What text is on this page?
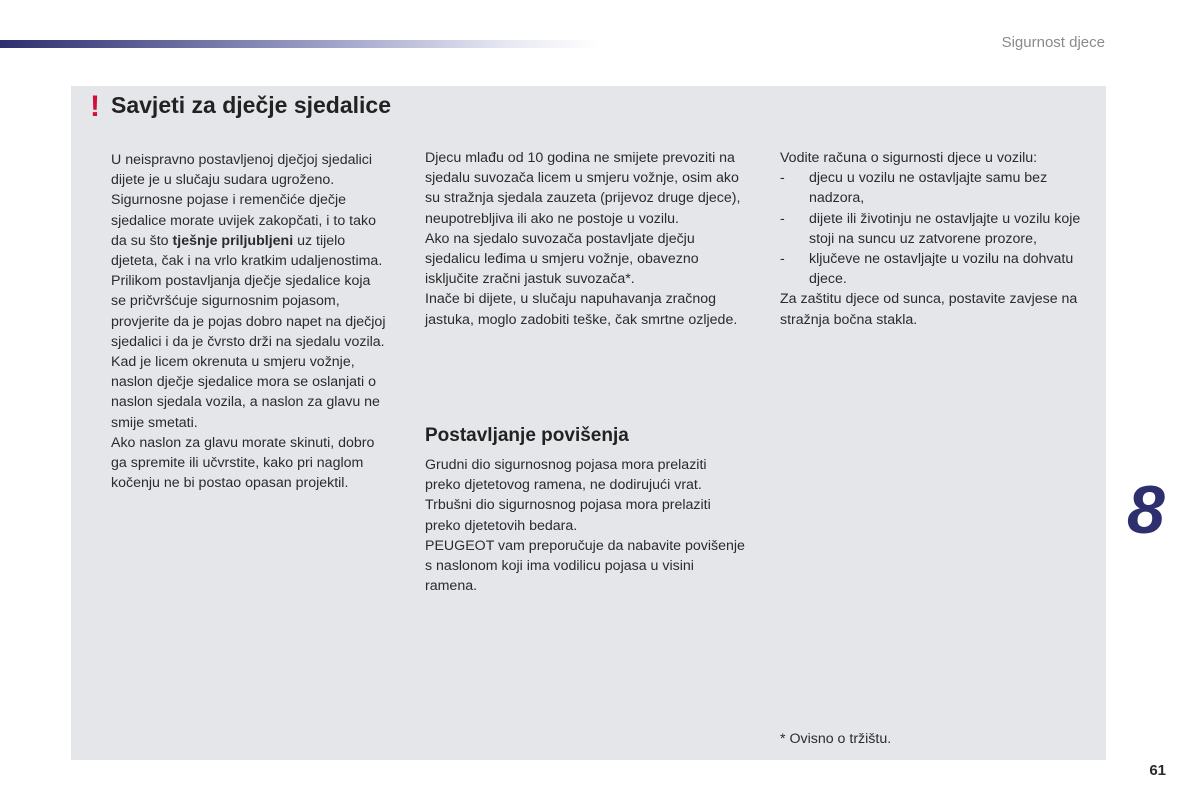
Sigurnost djece
! Savjeti za dječje sjedalice

U neispravno postavljenoj dječjoj sjedalici dijete je u slučaju sudara ugroženo.

Sigurnosne pojase i remenčiće dječje sjedalice morate uvijek zakopčati, i to tako da su što tješnje priljubljeni uz tijelo djeteta, čak i na vrlo kratkim udaljenostima.

Prilikom postavljanja dječje sjedalice koja se pričvršćuje sigurnosnim pojasom, provjerite da je pojas dobro napet na dječjoj sjedalici i da je čvrsto drži na sjedalu vozila.

Kad je licem okrenuta u smjeru vožnje, naslon dječje sjedalice mora se oslanjati o naslon sjedala vozila, a naslon za glavu ne smije smetati.

Ako naslon za glavu morate skinuti, dobro ga spremite ili učvrstite, kako pri naglom kočenju ne bi postao opasan projektil.

Djecu mlađu od 10 godina ne smijete prevoziti na sjedalu suvozača licem u smjeru vožnje, osim ako su stražnja sjedala zauzeta (prijevoz druge djece), neupotrebljiva ili ako ne postoje u vozilu.

Ako na sjedalo suvozača postavljate dječju sjedalicu leđima u smjeru vožnje, obavezno isključite zračni jastuk suvozača*.

Inače bi dijete, u slučaju napuhavanja zračnog jastuka, moglo zadobiti teške, čak smrtne ozljede.

Postavljanje povišenja

Grudni dio sigurnosnog pojasa mora prelaziti preko djetetovog ramena, ne dodirujući vrat.

Trbušni dio sigurnosnog pojasa mora prelaziti preko djetetovih bedara.

PEUGEOT vam preporučuje da nabavite povišenje s naslonom koji ima vodilicu pojasa u visini ramena.

Vodite računa o sigurnosti djece u vozilu:

- djecu u vozilu ne ostavljajte samu bez nadzora,
- dijete ili životinju ne ostavljajte u vozilu koje stoji na suncu uz zatvorene prozore,
- ključeve ne ostavljajte u vozilu na dohvatu djece.

Za zaštitu djece od sunca, postavite zavjese na stražnja bočna stakla.

* Ovisno o tržištu.
8
61
